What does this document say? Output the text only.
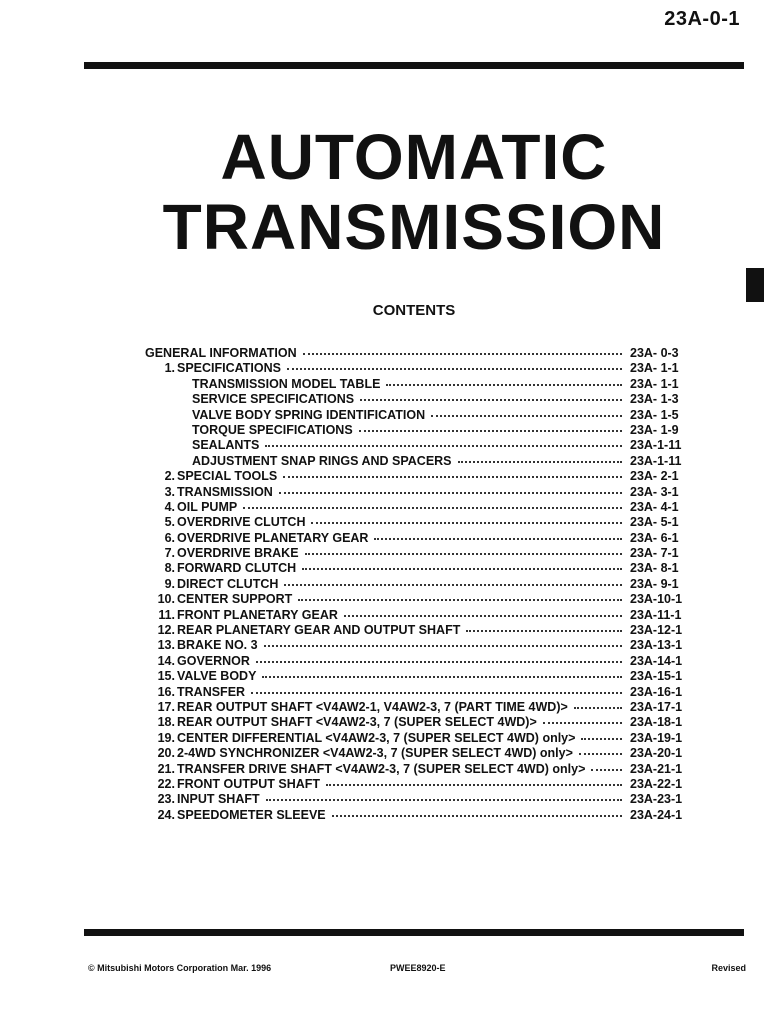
23A-0-1
AUTOMATIC
TRANSMISSION
CONTENTS
GENERAL INFORMATION	23A- 0-3
1. SPECIFICATIONS	23A- 1-1
TRANSMISSION MODEL TABLE	23A- 1-1
SERVICE SPECIFICATIONS	23A- 1-3
VALVE BODY SPRING IDENTIFICATION	23A- 1-5
TORQUE SPECIFICATIONS	23A- 1-9
SEALANTS	23A-1-11
ADJUSTMENT SNAP RINGS AND SPACERS	23A-1-11
2. SPECIAL TOOLS	23A- 2-1
3. TRANSMISSION	23A- 3-1
4. OIL PUMP	23A- 4-1
5. OVERDRIVE CLUTCH	23A- 5-1
6. OVERDRIVE PLANETARY GEAR	23A- 6-1
7. OVERDRIVE BRAKE	23A- 7-1
8. FORWARD CLUTCH	23A- 8-1
9. DIRECT CLUTCH	23A- 9-1
10. CENTER SUPPORT	23A-10-1
11. FRONT PLANETARY GEAR	23A-11-1
12. REAR PLANETARY GEAR AND OUTPUT SHAFT	23A-12-1
13. BRAKE NO. 3	23A-13-1
14. GOVERNOR	23A-14-1
15. VALVE BODY	23A-15-1
16. TRANSFER	23A-16-1
17. REAR OUTPUT SHAFT <V4AW2-1, V4AW2-3, 7 (PART TIME 4WD)>	23A-17-1
18. REAR OUTPUT SHAFT <V4AW2-3, 7 (SUPER SELECT 4WD)>	23A-18-1
19. CENTER DIFFERENTIAL <V4AW2-3, 7 (SUPER SELECT 4WD) only>	23A-19-1
20. 2-4WD SYNCHRONIZER <V4AW2-3, 7 (SUPER SELECT 4WD) only>	23A-20-1
21. TRANSFER DRIVE SHAFT <V4AW2-3, 7 (SUPER SELECT 4WD) only>	23A-21-1
22. FRONT OUTPUT SHAFT	23A-22-1
23. INPUT SHAFT	23A-23-1
24. SPEEDOMETER SLEEVE	23A-24-1
© Mitsubishi Motors Corporation Mar. 1996	PWEE8920-E	Revised
